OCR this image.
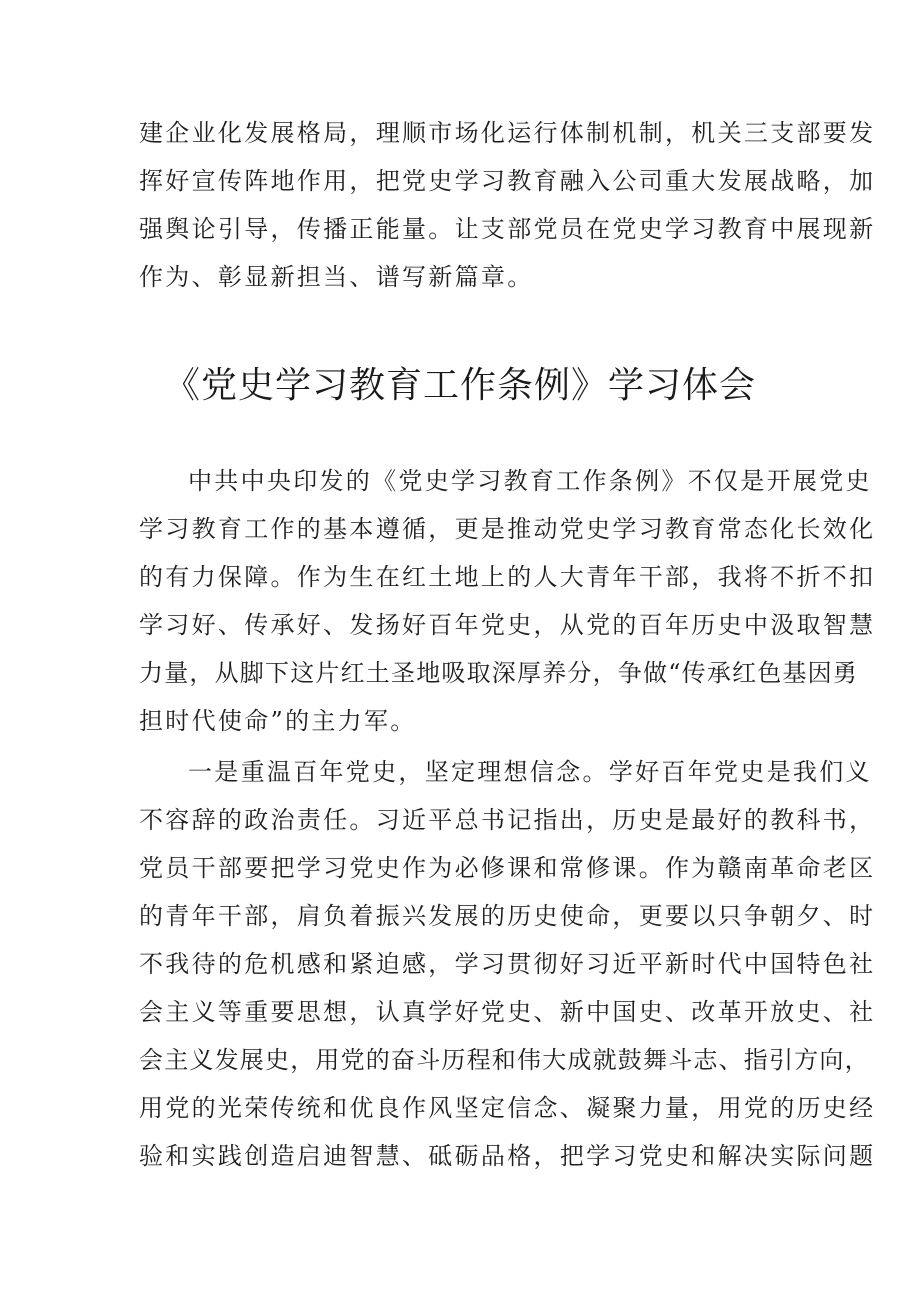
建企业化发展格局，理顺市场化运行体制机制，机关三支部要发
挥好宣传阵地作用，把党史学习教育融入公司重大发展战略，加
强舆论引导，传播正能量。让支部党员在党史学习教育中展现新
作为、彰显新担当、谱写新篇章。
《党史学习教育工作条例》学习体会
中共中央印发的《党史学习教育工作条例》不仅是开展党史
学习教育工作的基本遵循，更是推动党史学习教育常态化长效化
的有力保障。作为生在红土地上的人大青年干部，我将不折不扣
学习好、传承好、发扬好百年党史，从党的百年历史中汲取智慧
力量，从脚下这片红土圣地吸取深厚养分，争做“传承红色基因勇
担时代使命”的主力军。
一是重温百年党史，坚定理想信念。学好百年党史是我们义
不容辞的政治责任。习近平总书记指出，历史是最好的教科书，
党员干部要把学习党史作为必修课和常修课。作为赣南革命老区
的青年干部，肩负着振兴发展的历史使命，更要以只争朝夕、时
不我待的危机感和紧迫感，学习贯彻好习近平新时代中国特色社
会主义等重要思想，认真学好党史、新中国史、改革开放史、社
会主义发展史，用党的奋斗历程和伟大成就鼓舞斗志、指引方向，
用党的光荣传统和优良作风坚定信念、凝聚力量，用党的历史经
验和实践创造启迪智慧、砥砺品格，把学习党史和解决实际问题
